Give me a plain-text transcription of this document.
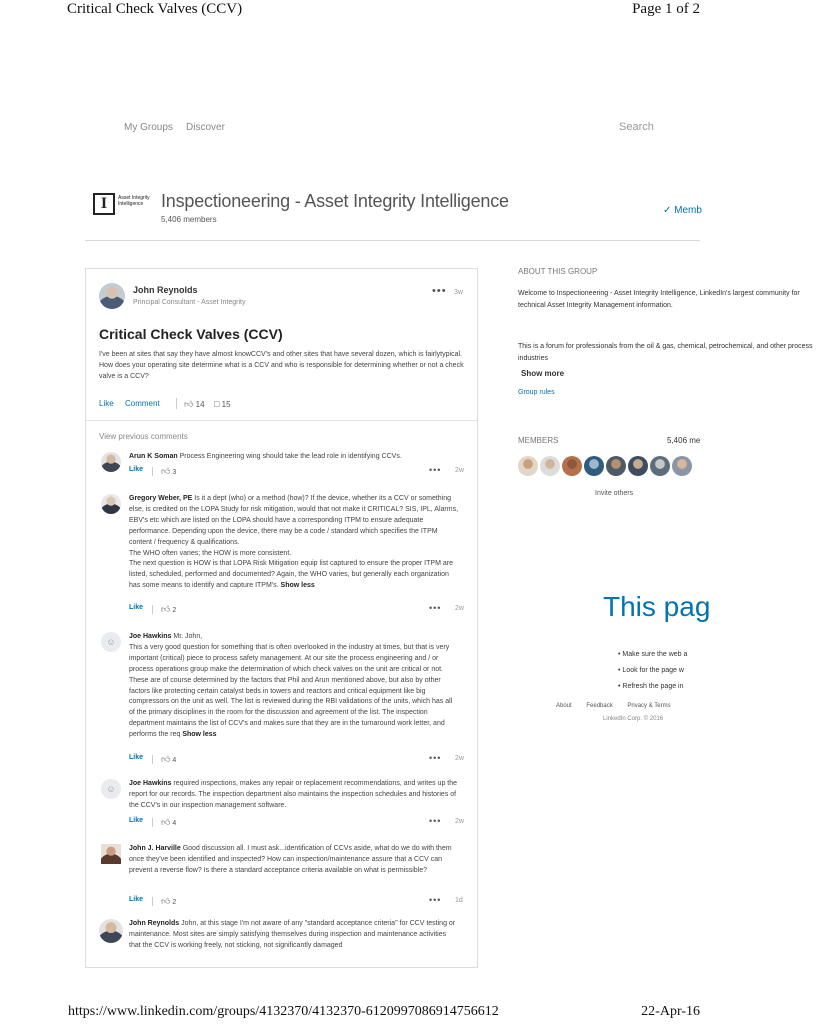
Critical Check Valves (CCV)	Page 1 of 2
My Groups Discover	Search
I	Asset Integrity Intelligence Inspectioneering - Asset Integrity Intelligence
5,406 members
✓ Memb
John Reynolds
Principal Consultant - Asset Integrity
••• 3w
Critical Check Valves (CCV)
I've been at sites that say they have almost knowCCV's and other sites that have several dozen, which is fairlytypical. How does your operating site determine what is a CCV and who is responsible for determining whether or not a check valve is a CCV?
Like Comment	👍︎ 14 □ 15
View previous comments
Arun K Soman Process Engineering wing should take the lead role in identifying CCVs.
Like 👍︎ 3	••• 2w
Gregory Weber, PE Is it a dept (who) or a method (how)? If the device, whether its a CCV or something else, is credited on the LOPA Study for risk mitigation, would that not make it CRITICAL? SIS, IPL, Alarms, EBV's etc which are listed on the LOPA should have a corresponding ITPM to ensure adequate performance. Depending upon the device, there may be a code / standard which specifies the ITPM content / frequency & qualifications.
The WHO often varies; the HOW is more consistent.
The next question is HOW is that LOPA Risk Mitigation equip list captured to ensure the proper ITPM are listed, scheduled, performed and documented? Again, the WHO varies, but generally each organization has some means to identify and capture ITPM's. Show less
Like 👍︎ 2	••• 2w
☺
Joe Hawkins Mr. John,
This a very good question for something that is often overlooked in the industry at times, but that is very important (critical) piece to process safety management. At our site the process engineering and / or process operations group make the determination of which check valves on the unit are critical or not. These are of course determined by the factors that Phil and Arun mentioned above, but also by other factors like protecting certain catalyst beds in towers and reactors and critical equipment like big compressors on the unit as well. The list is reviewed during the RBI validations of the units, which has all of the primary disciplines in the room for the discussion and agreement of the list. The inspection department maintains the list of CCV's and makes sure that they are in the turnaround work letter, and performs the req Show less
Like 👍︎ 4	••• 2w
☺
Joe Hawkins required inspections, makes any repair or replacement recommendations, and writes up the report for our records. The inspection department also maintains the inspection schedules and histories of the CCV's in our inspection management software.
Like 👍︎ 4	••• 2w
John J. Harville Good discussion all. I must ask...identification of CCVs aside, what do we do with them once they've been identified and inspected? How can inspection/maintenance assure that a CCV can prevent a reverse flow? Is there a standard acceptance criteria available on what is permissible?
Like 👍︎ 2	••• 1d
John Reynolds John, at this stage I'm not aware of any "standard acceptance criteria" for CCV testing or maintenance. Most sites are simply satisfying themselves during inspection and maintenance activities that the CCV is working freely, not sticking, not significantly damaged
ABOUT THIS GROUP
Welcome to Inspectioneering - Asset Integrity Intelligence, LinkedIn's largest community for technical Asset Integrity Management information.
This is a forum for professionals from the oil & gas, chemical, petrochemical, and other process industries
Show more
Group rules
MEMBERS	5,406 me
Invite others
This pag
• Make sure the web a
• Look for the page w
• Refresh the page in
About Feedback Privacy & Terms
LinkedIn Corp. © 2016
https://www.linkedin.com/groups/4132370/4132370-6120997086914756612	22-Apr-16
